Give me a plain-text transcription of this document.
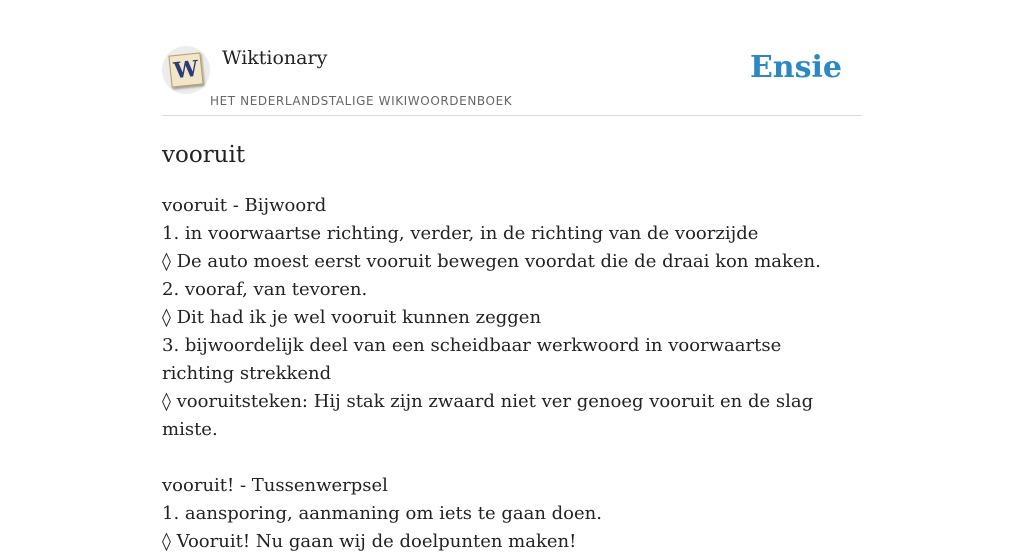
W Wiktionary
HET NEDERLANDSTALIGE WIKIWOORDENBOEK
Ensie
vooruit
vooruit - Bijwoord
1. in voorwaartse richting, verder, in de richting van de voorzijde
◊ De auto moest eerst vooruit bewegen voordat die de draai kon maken.
2. vooraf, van tevoren.
◊ Dit had ik je wel vooruit kunnen zeggen
3. bijwoordelijk deel van een scheidbaar werkwoord in voorwaartse richting strekkend
◊ vooruitsteken: Hij stak zijn zwaard niet ver genoeg vooruit en de slag miste.
vooruit! - Tussenwerpsel
1. aansporing, aanmaning om iets te gaan doen.
◊ Vooruit! Nu gaan wij de doelpunten maken!
